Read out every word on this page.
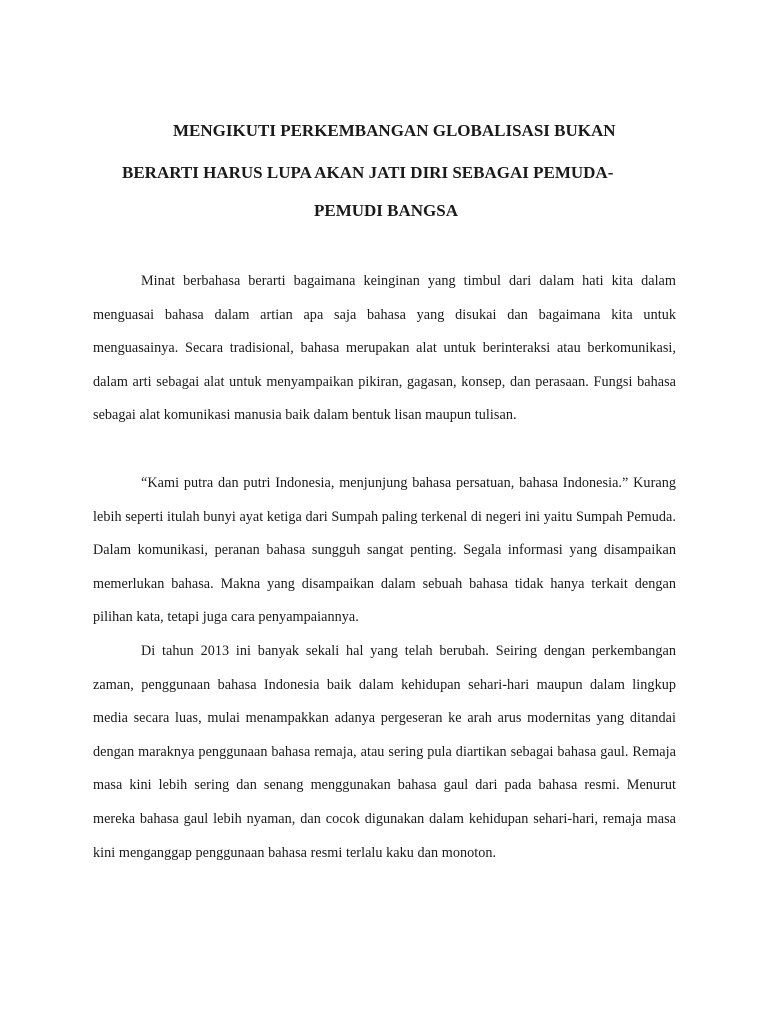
MENGIKUTI PERKEMBANGAN GLOBALISASI BUKAN
BERARTI HARUS LUPA AKAN JATI DIRI SEBAGAI PEMUDA-
PEMUDI BANGSA

Minat berbahasa berarti bagaimana keinginan yang timbul dari dalam hati kita dalam menguasai bahasa dalam artian apa saja bahasa yang disukai dan bagaimana kita untuk menguasainya. Secara tradisional, bahasa merupakan alat untuk berinteraksi atau berkomunikasi, dalam arti sebagai alat untuk menyampaikan pikiran, gagasan, konsep, dan perasaan. Fungsi bahasa sebagai alat komunikasi manusia baik dalam bentuk lisan maupun tulisan.

“Kami putra dan putri Indonesia, menjunjung bahasa persatuan, bahasa Indonesia.” Kurang lebih seperti itulah bunyi ayat ketiga dari Sumpah paling terkenal di negeri ini yaitu Sumpah Pemuda. Dalam komunikasi, peranan bahasa sungguh sangat penting. Segala informasi yang disampaikan memerlukan bahasa. Makna yang disampaikan dalam sebuah bahasa tidak hanya terkait dengan pilihan kata, tetapi juga cara penyampaiannya.

Di tahun 2013 ini banyak sekali hal yang telah berubah. Seiring dengan perkembangan zaman, penggunaan bahasa Indonesia baik dalam kehidupan sehari-hari maupun dalam lingkup media secara luas, mulai menampakkan adanya pergeseran ke arah arus modernitas yang ditandai dengan maraknya penggunaan bahasa remaja, atau sering pula diartikan sebagai bahasa gaul. Remaja masa kini lebih sering dan senang menggunakan bahasa gaul dari pada bahasa resmi. Menurut mereka bahasa gaul lebih nyaman, dan cocok digunakan dalam kehidupan sehari-hari, remaja masa kini menganggap penggunaan bahasa resmi terlalu kaku dan monoton.
